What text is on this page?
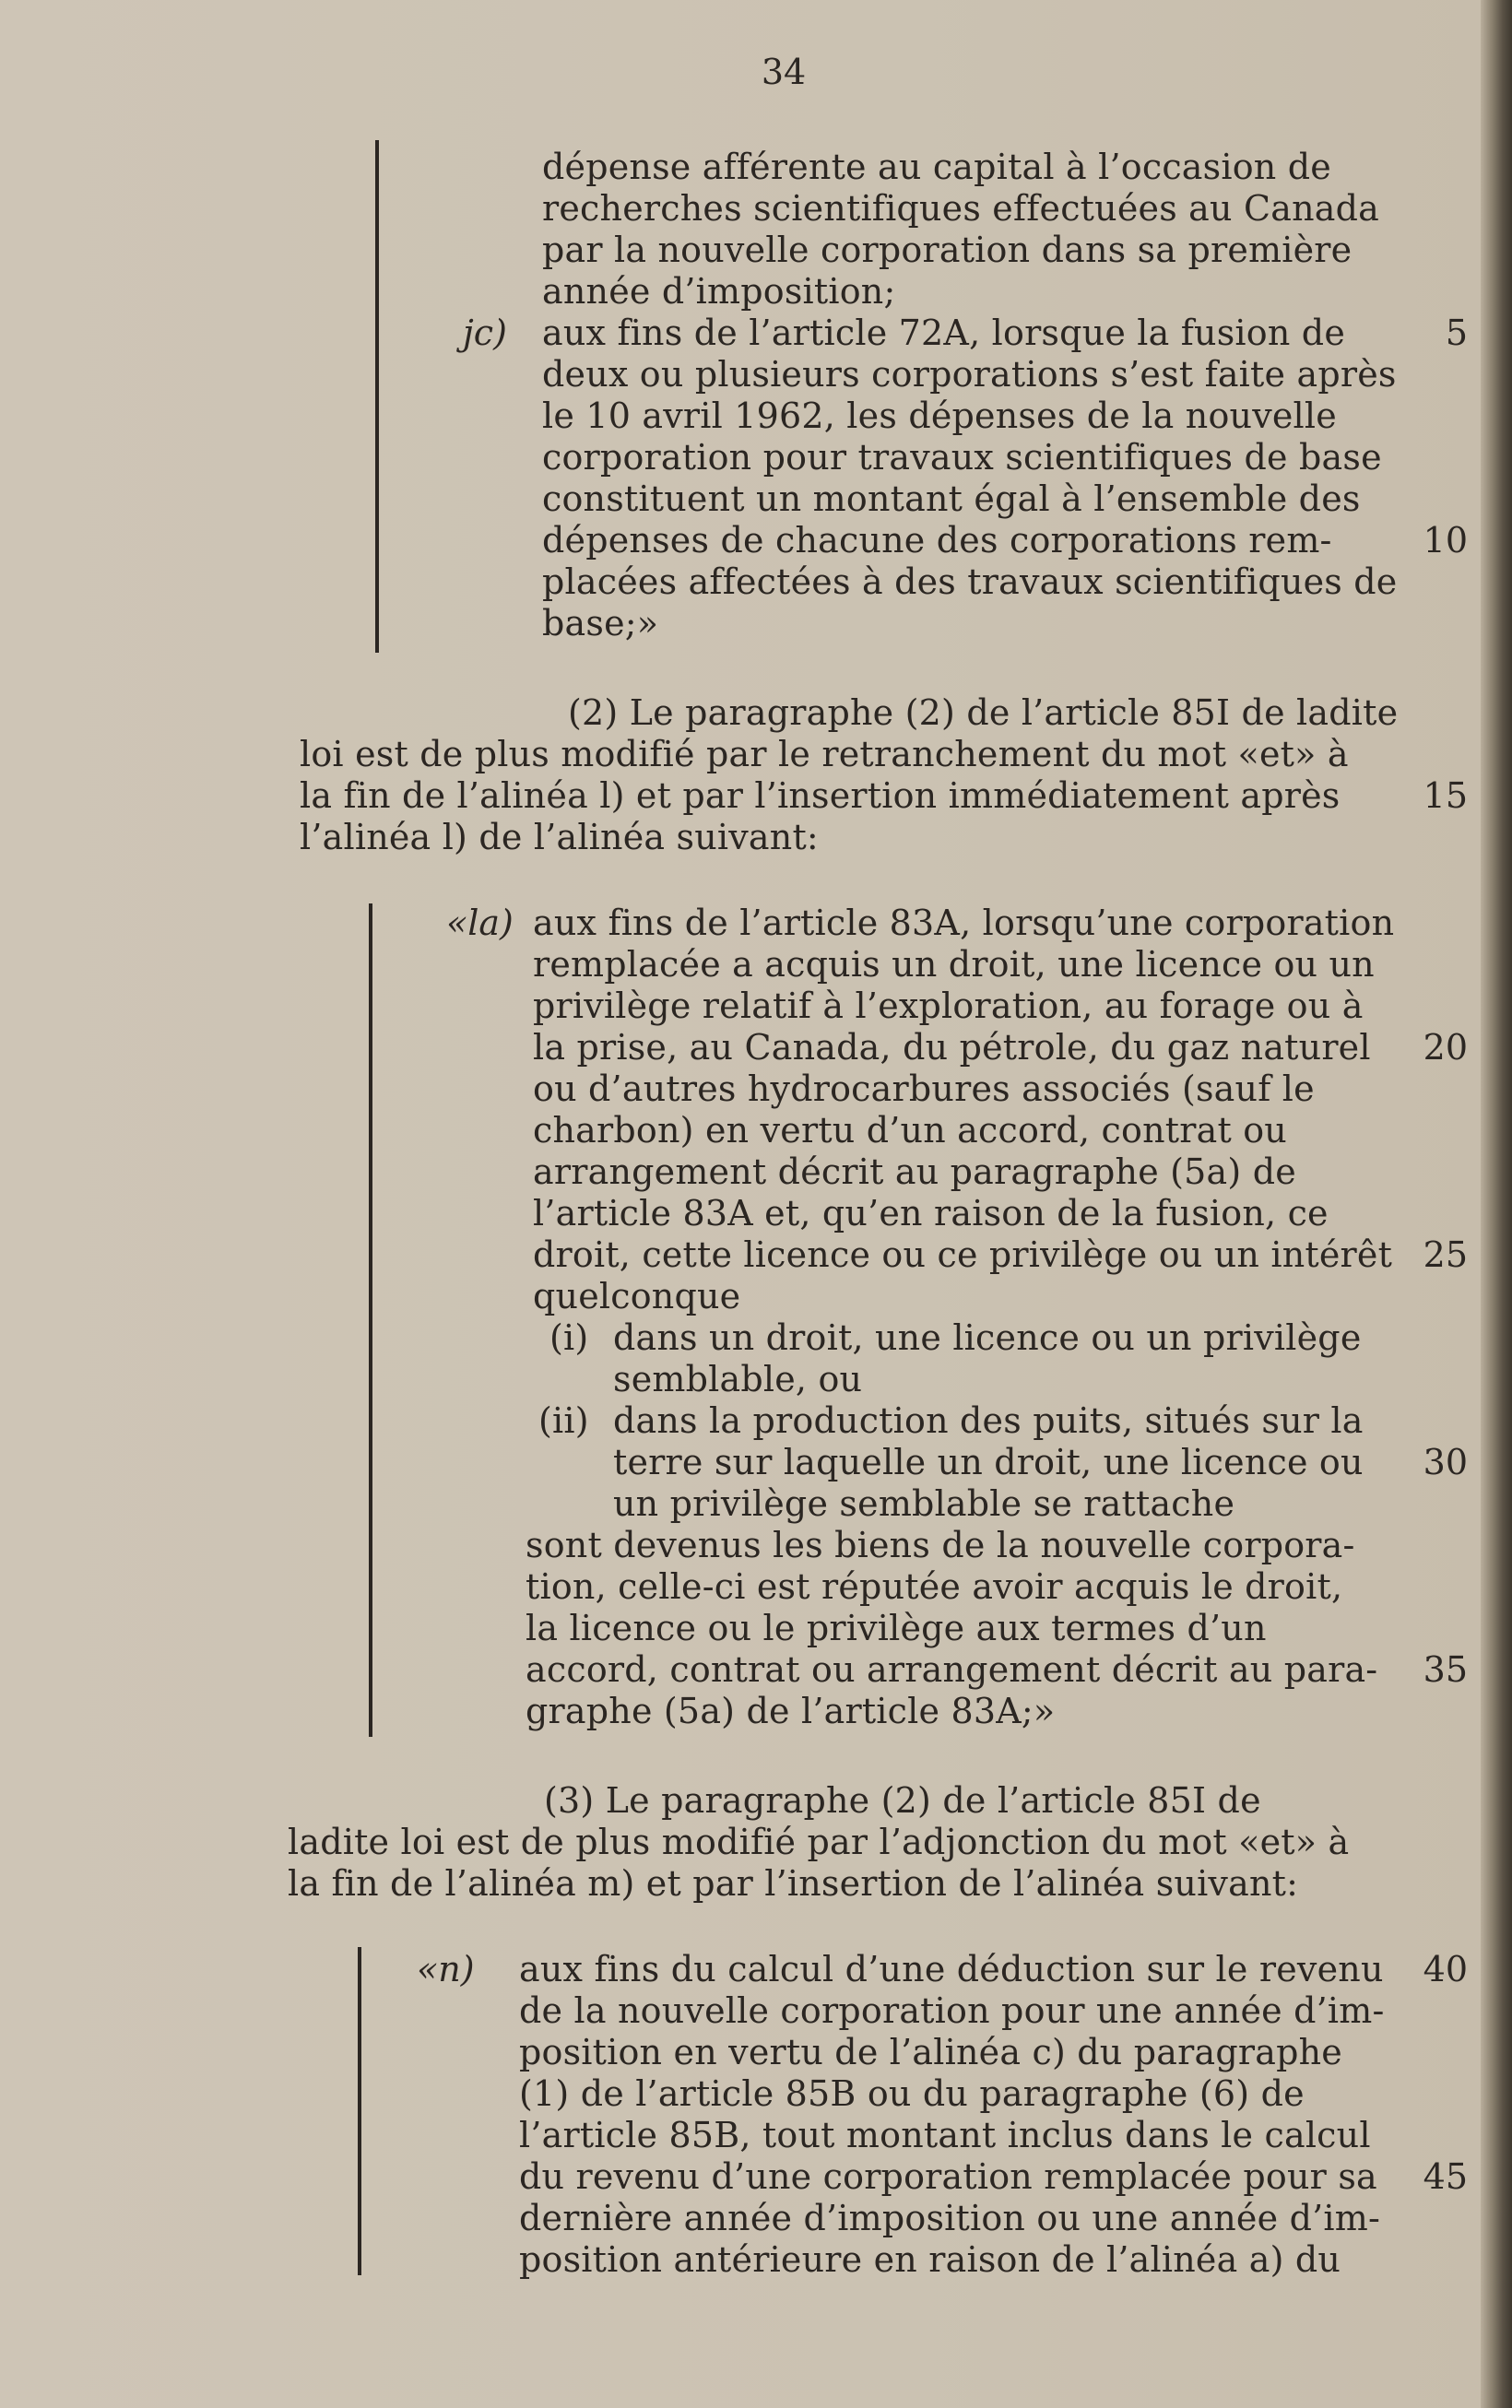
34
dépense afférente au capital à l’occasion de
recherches scientifiques effectuées au Canada
par la nouvelle corporation dans sa première
année d’imposition;
jc) aux fins de l’article 72A, lorsque la fusion de
deux ou plusieurs corporations s’est faite après
le 10 avril 1962, les dépenses de la nouvelle
corporation pour travaux scientifiques de base
constituent un montant égal à l’ensemble des
dépenses de chacune des corporations rem-
placées affectées à des travaux scientifiques de
base;»
(2) Le paragraphe (2) de l’article 85I de ladite
loi est de plus modifié par le retranchement du mot «et» à
la fin de l’alinéa l) et par l’insertion immédiatement après
l’alinéa l) de l’alinéa suivant:
«la) aux fins de l’article 83A, lorsqu’une corporation
remplacée a acquis un droit, une licence ou un
privilège relatif à l’exploration, au forage ou à
la prise, au Canada, du pétrole, du gaz naturel
ou d’autres hydrocarbures associés (sauf le
charbon) en vertu d’un accord, contrat ou
arrangement décrit au paragraphe (5a) de
l’article 83A et, qu’en raison de la fusion, ce
droit, cette licence ou ce privilège ou un intérêt
quelconque
(i) dans un droit, une licence ou un privilège
semblable, ou
(ii) dans la production des puits, situés sur la
terre sur laquelle un droit, une licence ou
un privilège semblable se rattache
sont devenus les biens de la nouvelle corpora-
tion, celle-ci est réputée avoir acquis le droit,
la licence ou le privilège aux termes d’un
accord, contrat ou arrangement décrit au para-
graphe (5a) de l’article 83A;»
(3) Le paragraphe (2) de l’article 85I de
ladite loi est de plus modifié par l’adjonction du mot «et» à
la fin de l’alinéa m) et par l’insertion de l’alinéa suivant:
«n) aux fins du calcul d’une déduction sur le revenu
de la nouvelle corporation pour une année d’im-
position en vertu de l’alinéa c) du paragraphe
(1) de l’article 85B ou du paragraphe (6) de
l’article 85B, tout montant inclus dans le calcul
du revenu d’une corporation remplacée pour sa
dernière année d’imposition ou une année d’im-
position antérieure en raison de l’alinéa a) du
5
10
15
20
25
30
35
40
45
